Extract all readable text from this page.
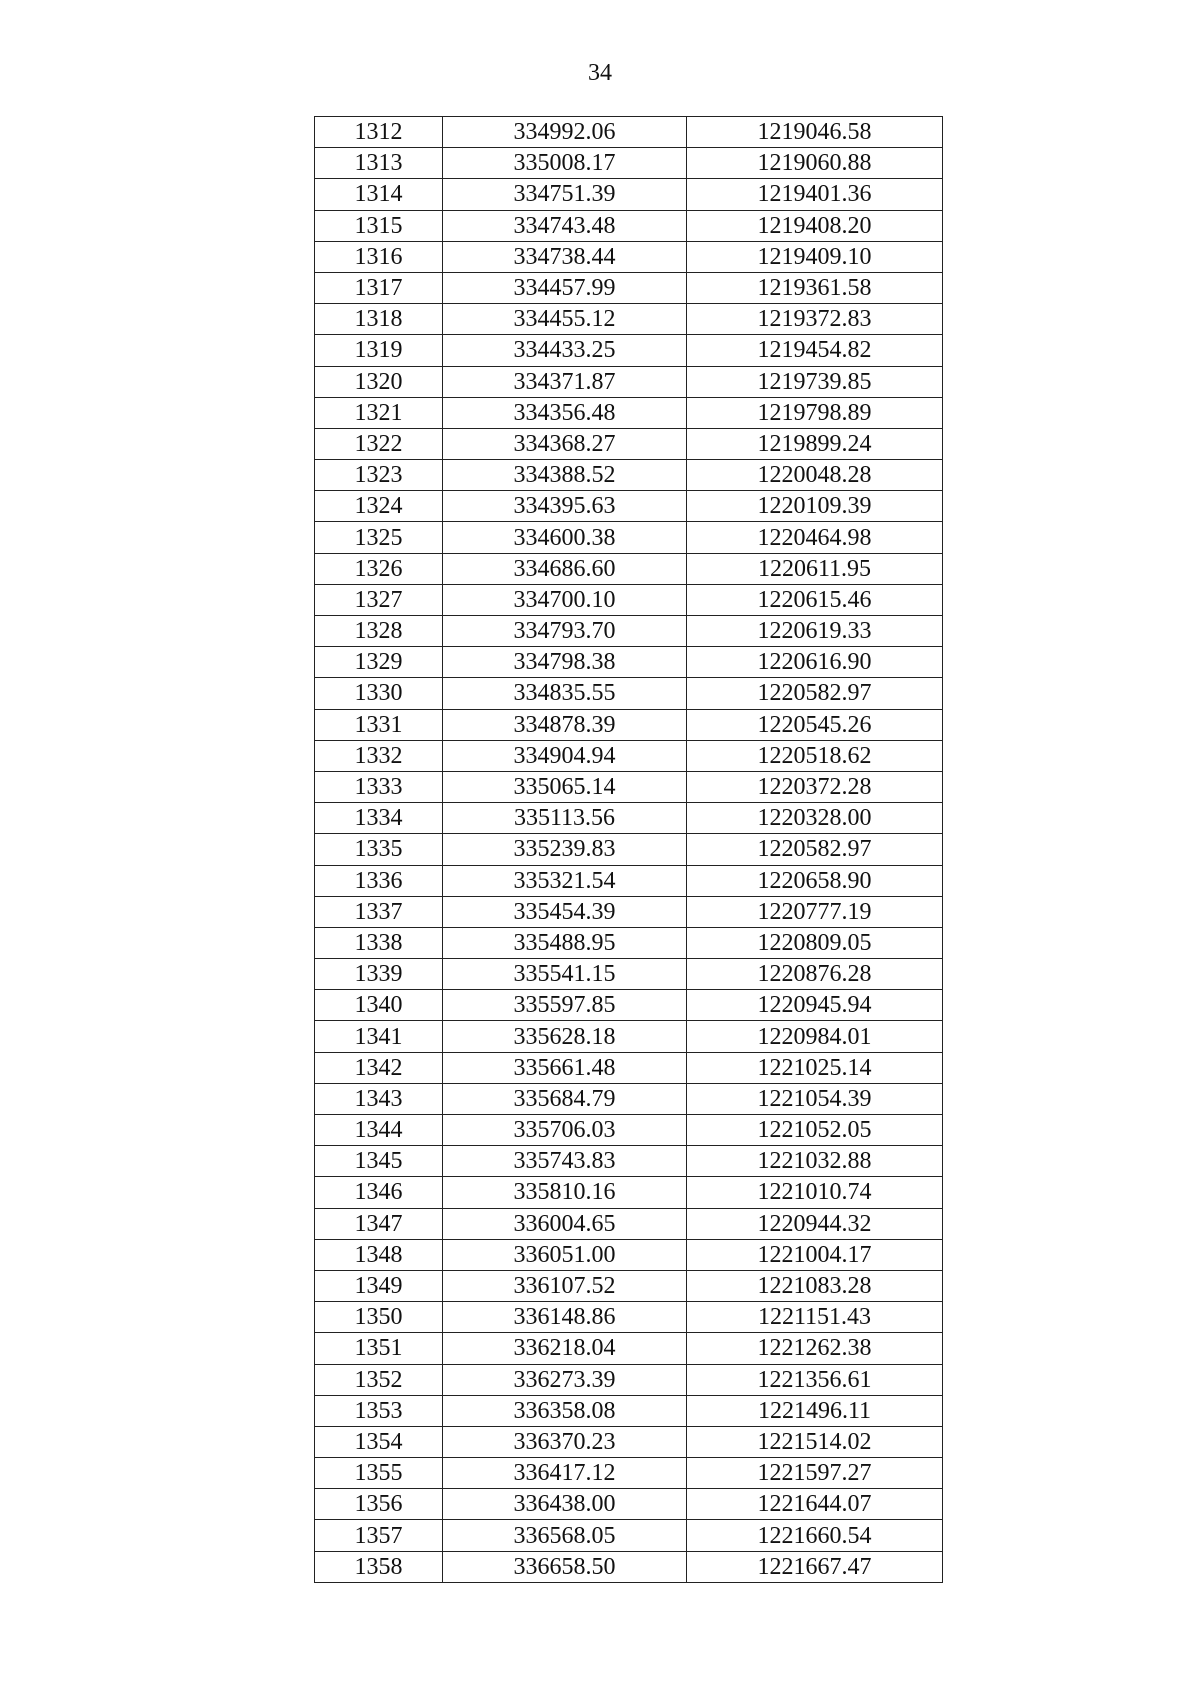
34
1312	334992.06	1219046.58
1313	335008.17	1219060.88
1314	334751.39	1219401.36
1315	334743.48	1219408.20
1316	334738.44	1219409.10
1317	334457.99	1219361.58
1318	334455.12	1219372.83
1319	334433.25	1219454.82
1320	334371.87	1219739.85
1321	334356.48	1219798.89
1322	334368.27	1219899.24
1323	334388.52	1220048.28
1324	334395.63	1220109.39
1325	334600.38	1220464.98
1326	334686.60	1220611.95
1327	334700.10	1220615.46
1328	334793.70	1220619.33
1329	334798.38	1220616.90
1330	334835.55	1220582.97
1331	334878.39	1220545.26
1332	334904.94	1220518.62
1333	335065.14	1220372.28
1334	335113.56	1220328.00
1335	335239.83	1220582.97
1336	335321.54	1220658.90
1337	335454.39	1220777.19
1338	335488.95	1220809.05
1339	335541.15	1220876.28
1340	335597.85	1220945.94
1341	335628.18	1220984.01
1342	335661.48	1221025.14
1343	335684.79	1221054.39
1344	335706.03	1221052.05
1345	335743.83	1221032.88
1346	335810.16	1221010.74
1347	336004.65	1220944.32
1348	336051.00	1221004.17
1349	336107.52	1221083.28
1350	336148.86	1221151.43
1351	336218.04	1221262.38
1352	336273.39	1221356.61
1353	336358.08	1221496.11
1354	336370.23	1221514.02
1355	336417.12	1221597.27
1356	336438.00	1221644.07
1357	336568.05	1221660.54
1358	336658.50	1221667.47
